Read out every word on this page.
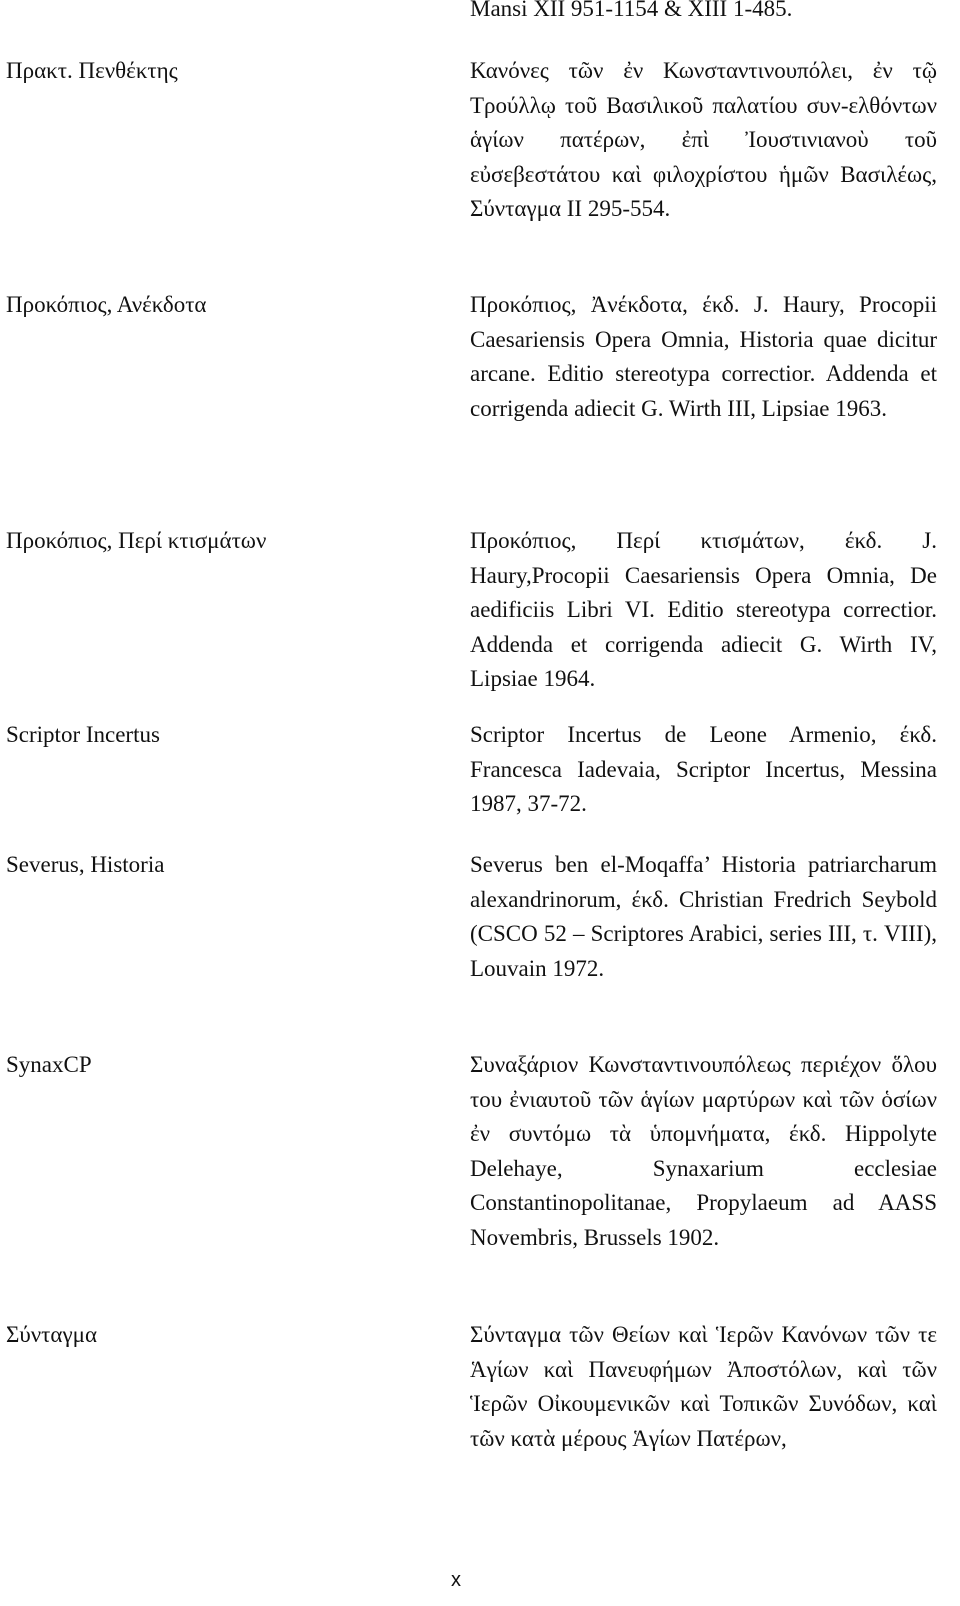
Mansi XII 951-1154 & XIII 1-485.
Πρακτ. Πενθέκτης	Κανόνες τῶν ἐν Κωνσταντινουπόλει, ἐν τῷ Τρούλλῳ τοῦ Βασιλικοῦ παλατίου συν-ελθόντων ἁγίων πατέρων, ἐπὶ Ἰουστινιανοὺ τοῦ εὐσεβεστάτου καὶ φιλοχρίστου ἡμῶν Βασιλέως, Σύνταγμα ΙΙ 295-554.
Προκόπιος, Ανέκδοτα	Προκόπιος, Ἀνέκδοτα, έκδ. J. Haury, Procopii Caesariensis Opera Omnia, Historia quae dicitur arcane. Editio stereotypa correctior. Addenda et corrigenda adiecit G. Wirth III, Lipsiae 1963.
Προκόπιος, Περί κτισμάτων	Προκόπιος, Περί κτισμάτων, έκδ. J. Haury,Procopii Caesariensis Opera Omnia, De aedificiis Libri VI. Editio stereotypa correctior. Addenda et corrigenda adiecit G. Wirth IV, Lipsiae 1964.
Scriptor Incertus	Scriptor Incertus de Leone Armenio, έκδ. Francesca Iadevaia, Scriptor Incertus, Messina 1987, 37-72.
Severus, Historia	Severus ben el-Moqaffa’ Historia patriarcharum alexandrinorum, έκδ. Christian Fredrich Seybold (CSCO 52 – Scriptores Arabici, series III, τ. VIII), Louvain 1972.
SynaxCP	Συναξάριον Κωνσταντινουπόλεως περιέχον ὅλου του ἐνιαυτοῦ τῶν ἁγίων μαρτύρων καὶ τῶν ὁσίων ἐν συντόμω τὰ ὑπομνήματα, έκδ. Hippolyte Delehaye, Synaxarium ecclesiae Constantinopolitanae, Propylaeum ad AASS Novembris, Brussels 1902.
Σύνταγμα	Σύνταγμα τῶν Θείων καὶ Ἱερῶν Κανόνων τῶν τε Ἁγίων καὶ Πανευφήμων Ἀποστόλων, καὶ τῶν Ἱερῶν Οἰκουμενικῶν καὶ Τοπικῶν Συνόδων, καὶ τῶν κατὰ μέρους Ἁγίων Πατέρων,
x
